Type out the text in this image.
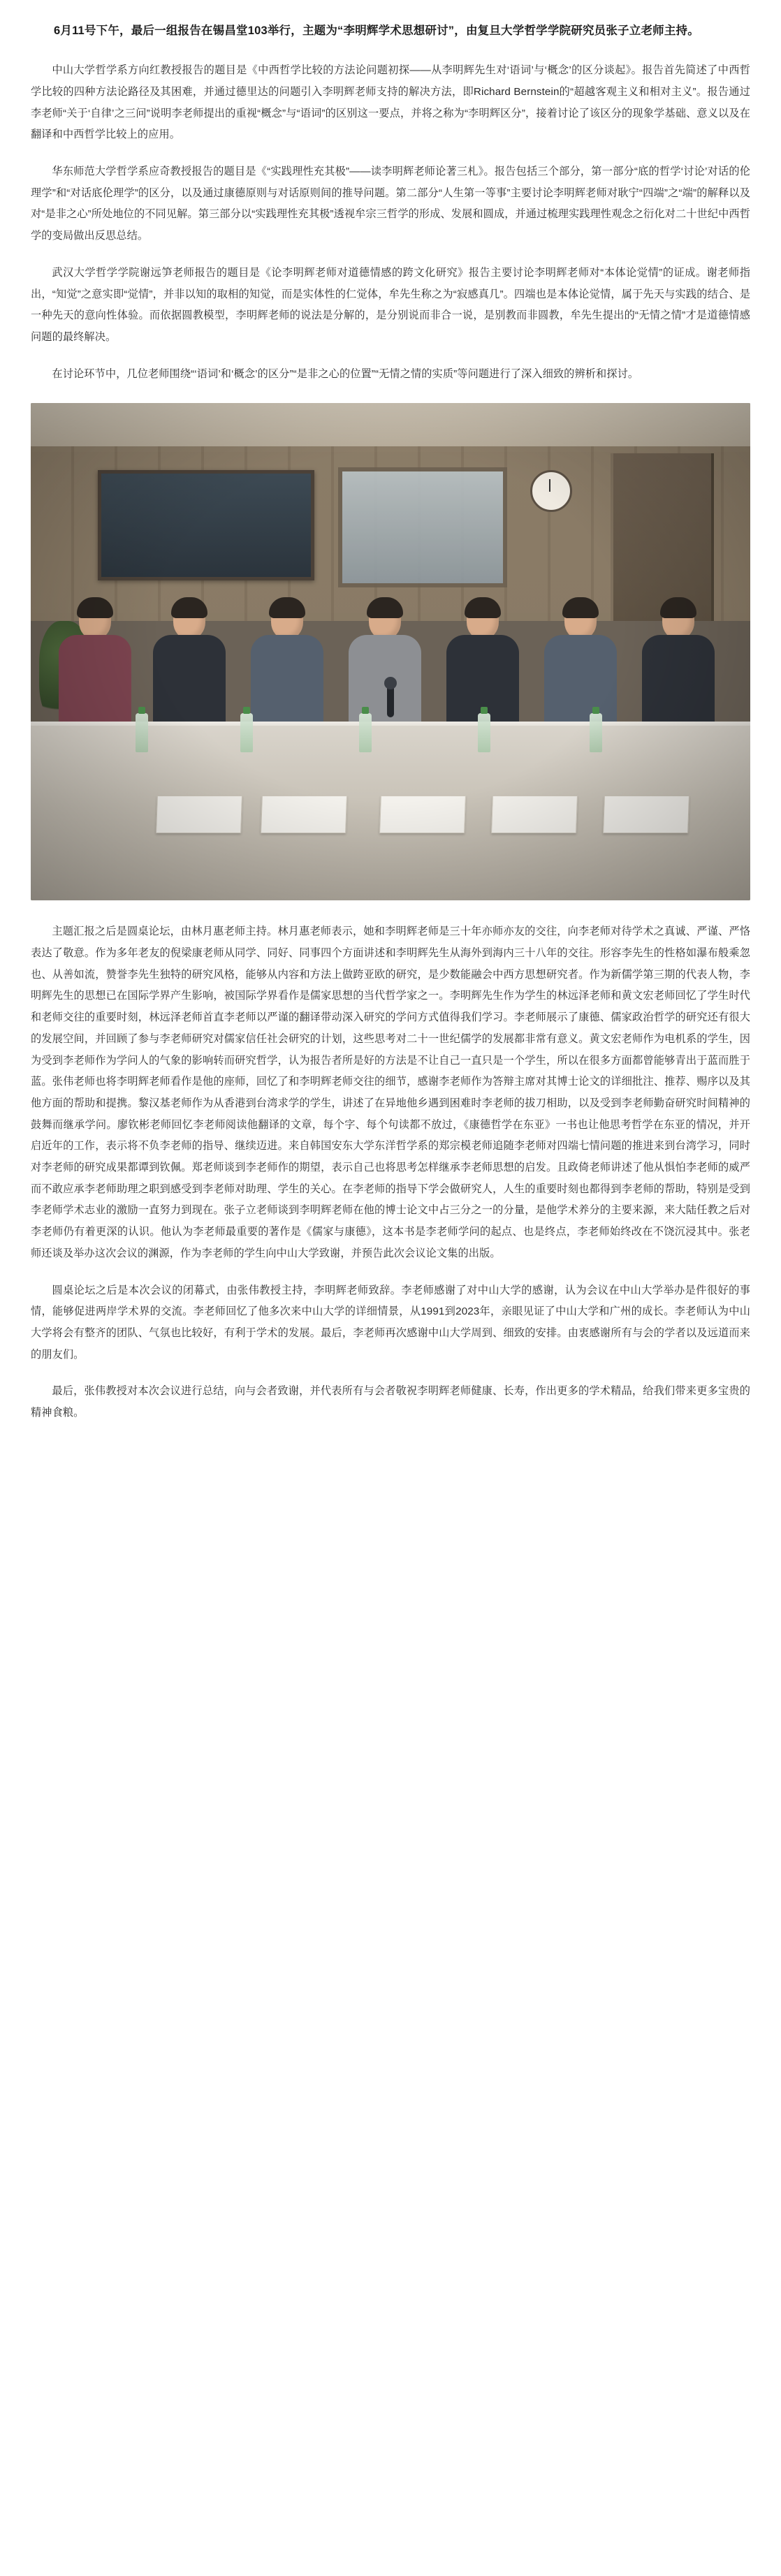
6月11号下午，最后一组报告在锡昌堂103举行，主题为“李明辉学术思想研讨”，由复旦大学哲学学院研究员张子立老师主持。

中山大学哲学系方向红教授报告的题目是《中西哲学比较的方法论问题初探——从李明辉先生对‘语词’与‘概念’的区分谈起》。报告首先简述了中西哲学比较的四种方法论路径及其困难，并通过德里达的问题引入李明辉老师支持的解决方法，即Richard Bernstein的“超越客观主义和相对主义”。报告通过李老师“关于‘自律’之三问”说明李老师提出的重视“概念”与“语词”的区别这一要点，并将之称为“李明辉区分”，接着讨论了该区分的现象学基础、意义以及在翻译和中西哲学比较上的应用。

华东师范大学哲学系应奇教授报告的题目是《“实践理性充其极”——读李明辉老师论著三札》。报告包括三个部分，第一部分“底的哲学‘讨论’对话的伦理学”和“对话底伦理学”的区分，以及通过康德原则与对话原则间的推导问题。第二部分“人生第一等事”主要讨论李明辉老师对耿宁“四端”之“端”的解释以及对“是非之心”所处地位的不同见解。第三部分以“实践理性充其极”透视牟宗三哲学的形成、发展和圆成，并通过梳理实践理性观念之衍化对二十世纪中西哲学的变局做出反思总结。

武汉大学哲学学院谢远笋老师报告的题目是《论李明辉老师对道德情感的跨文化研究》报告主要讨论李明辉老师对“本体论觉情”的证成。谢老师指出，“知觉”之意实即“觉情”，并非以知的取相的知觉，而是实体性的仁觉体，牟先生称之为“寂感真几”。四端也是本体论觉情，属于先天与实践的结合、是一种先天的意向性体验。而依据圆教模型，李明辉老师的说法是分解的，是分别说而非合一说，是别教而非圆教，牟先生提出的“无情之情”才是道德情感问题的最终解决。

在讨论环节中，几位老师围绕“‘语词’和‘概念’的区分”“是非之心的位置”“无情之情的实质”等问题进行了深入细致的辨析和探讨。

主题汇报之后是圆桌论坛，由林月惠老师主持。林月惠老师表示，她和李明辉老师是三十年亦师亦友的交往，向李老师对待学术之真诚、严谨、严恪表达了敬意。作为多年老友的倪梁康老师从同学、同好、同事四个方面讲述和李明辉先生从海外到海内三十八年的交往。形容李先生的性格如瀑布般乘忽也、从善如流，赞誉李先生独特的研究风格，能够从内容和方法上做跨亚欧的研究，是少数能融会中西方思想研究者。作为新儒学第三期的代表人物，李明辉先生的思想已在国际学界产生影响，被国际学界看作是儒家思想的当代哲学家之一。李明辉先生作为学生的林远泽老师和黄文宏老师回忆了学生时代和老师交往的重要时刻，林远泽老师首直李老师以严谨的翻译带动深入研究的学问方式值得我们学习。李老师展示了康德、儒家政治哲学的研究还有很大的发展空间，并回顾了参与李老师研究对儒家信任社会研究的计划，这些思考对二十一世纪儒学的发展都非常有意义。黄文宏老师作为电机系的学生，因为受到李老师作为学问人的气象的影响转而研究哲学，认为报告者所是好的方法是不让自己一直只是一个学生，所以在很多方面都曾能够青出于蓝而胜于蓝。张伟老师也将李明辉老师看作是他的座师，回忆了和李明辉老师交往的细节，感谢李老师作为答辩主席对其博士论文的详细批注、推荐、赐序以及其他方面的帮助和提携。黎汉基老师作为从香港到台湾求学的学生，讲述了在异地他乡遇到困难时李老师的拔刀相助，以及受到李老师勤奋研究时间精神的鼓舞而继承学问。廖钦彬老师回忆李老师阅读他翻译的文章，每个字、每个句读都不放过，《康德哲学在东亚》一书也让他思考哲学在东亚的情况，并开启近年的工作，表示将不负李老师的指导、继续迈进。来自韩国安东大学东洋哲学系的郑宗模老师追随李老师对四端七情问题的推进来到台湾学习，同时对李老师的研究成果都谭到钦佩。郑老师谈到李老师作的期望，表示自己也将思考怎样继承李老师思想的启发。且政倚老师讲述了他从惧怕李老师的威严而不敢应承李老师助理之职到感受到李老师对助理、学生的关心。在李老师的指导下学会做研究人，人生的重要时刻也都得到李老师的帮助，特别是受到李老师学术志业的激励一直努力到现在。张子立老师谈到李明辉老师在他的博士论文中占三分之一的分量，是他学术养分的主要来源，来大陆任教之后对李老师仍有着更深的认识。他认为李老师最重要的著作是《儒家与康德》，这本书是李老师学问的起点、也是终点，李老师始终改在不饶沉浸其中。张老师还谈及举办这次会议的渊源，作为李老师的学生向中山大学致谢，并预告此次会议论文集的出版。

圆桌论坛之后是本次会议的闭幕式，由张伟教授主持，李明辉老师致辞。李老师感谢了对中山大学的感谢，认为会议在中山大学举办是件很好的事情，能够促进两岸学术界的交流。李老师回忆了他多次来中山大学的详细情景，从1991到2023年，亲眼见证了中山大学和广州的成长。李老师认为中山大学将会有整齐的团队、气氛也比较好，有利于学术的发展。最后，李老师再次感谢中山大学周到、细致的安排。由衷感谢所有与会的学者以及远道而来的朋友们。

最后，张伟教授对本次会议进行总结，向与会者致谢，并代表所有与会者敬祝李明辉老师健康、长寿，作出更多的学术精品，给我们带来更多宝贵的精神食粮。
